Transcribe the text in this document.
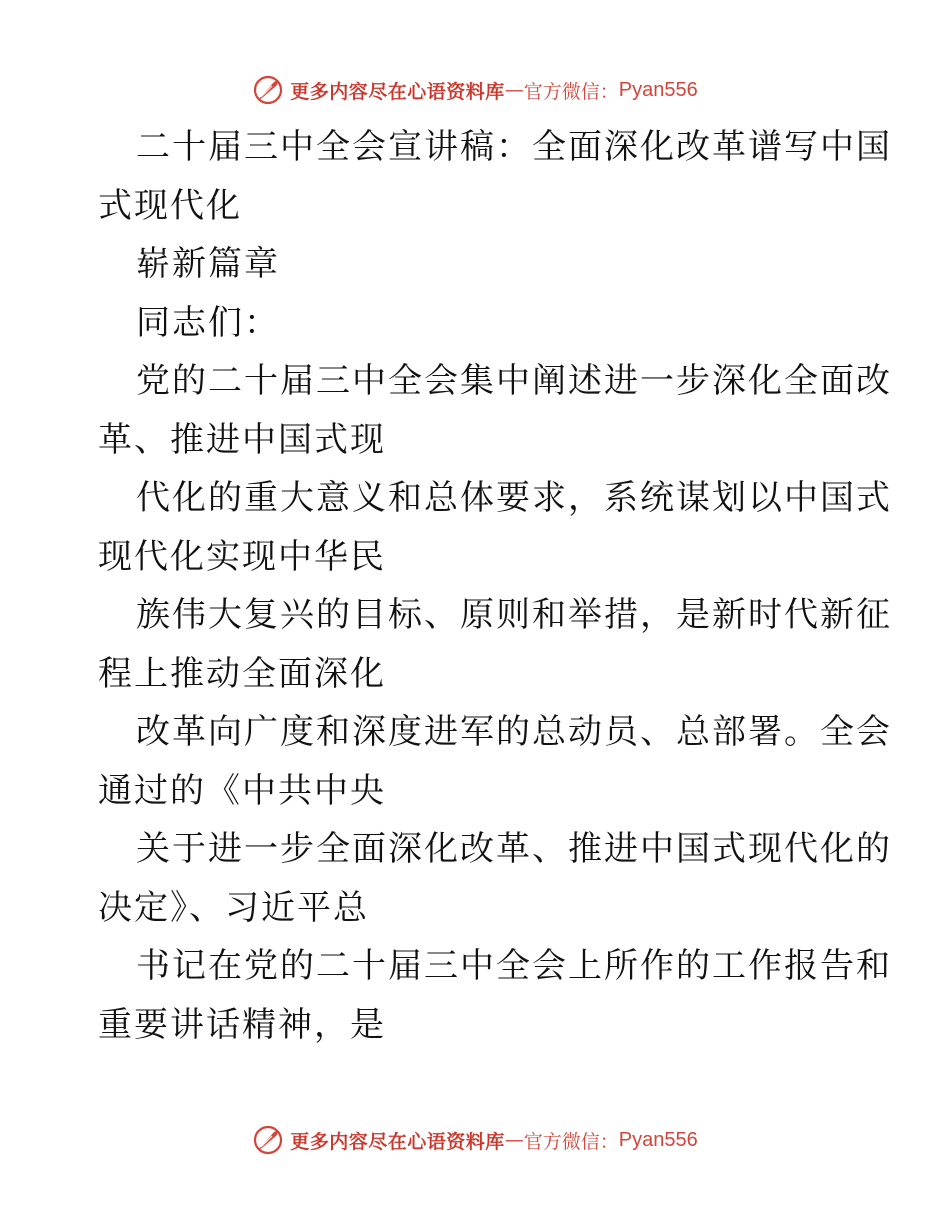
更多内容尽在心语资料库 — 官方微信： Pyan556
二十届三中全会宣讲稿：全面深化改革谱写中国
式现代化
崭新篇章
同志们：
党的二十届三中全会集中阐述进一步深化全面改
革、推进中国式现
代化的重大意义和总体要求，系统谋划以中国式
现代化实现中华民
族伟大复兴的目标、原则和举措，是新时代新征
程上推动全面深化
改革向广度和深度进军的总动员、总部署。全会
通过的《中共中央
关于进一步全面深化改革、推进中国式现代化的
决定》、习近平总
书记在党的二十届三中全会上所作的工作报告和
重要讲话精神，是
更多内容尽在心语资料库 — 官方微信： Pyan556
